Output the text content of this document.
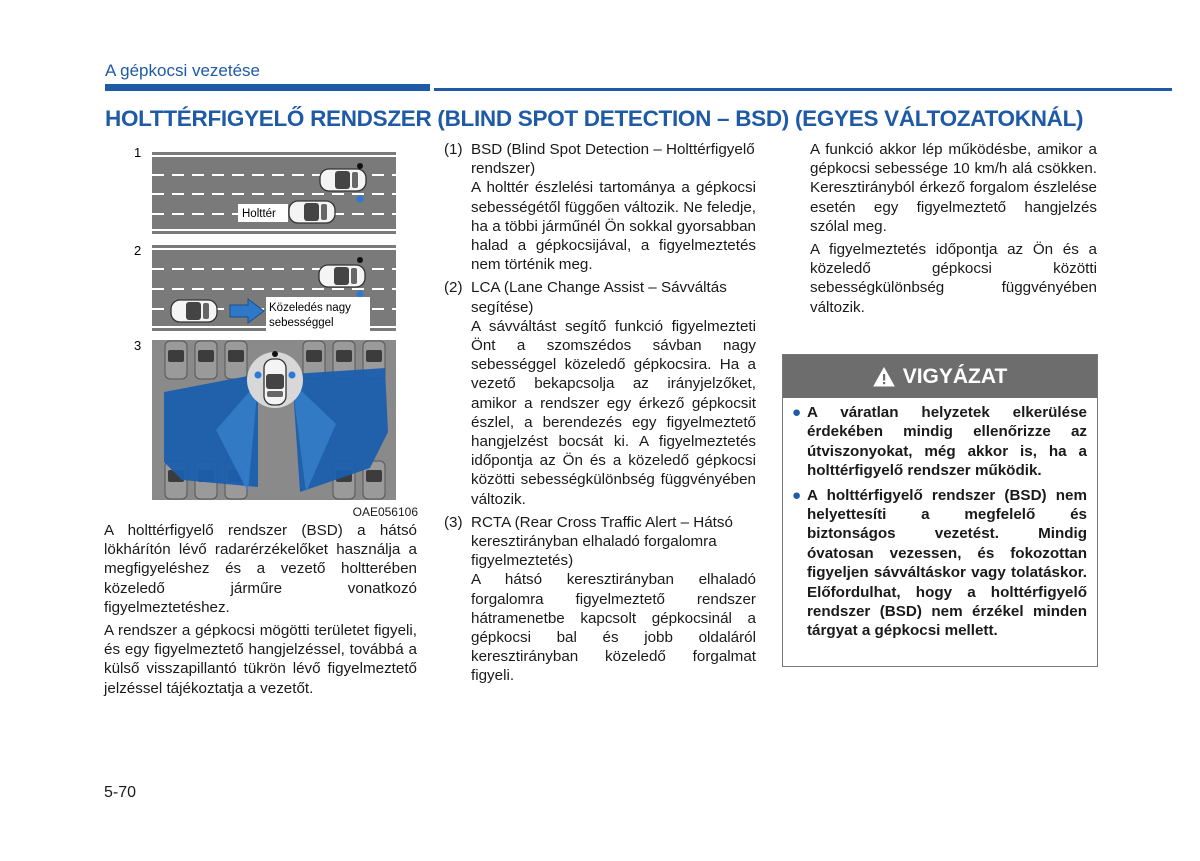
A gépkocsi vezetése
HOLTTÉRFIGYELŐ RENDSZER (BLIND SPOT DETECTION – BSD) (EGYES VÁLTOZATOKNÁL)
1
Holttér
2
Közeledés nagy
sebességgel
3
OAE056106

A holttérfigyelő rendszer (BSD) a hátsó lökhárítón lévő radarérzékelőket használja a megfigyeléshez és a vezető holtterében közeledő járműre vonatkozó figyelmeztetéshez.

A rendszer a gépkocsi mögötti területet figyeli, és egy figyelmeztető hangjelzéssel, továbbá a külső visszapillantó tükrön lévő figyelmeztető jelzéssel tájékoztatja a vezetőt.

(1) BSD (Blind Spot Detection – Holttérfigyelő rendszer)
A holttér észlelési tartománya a gépkocsi sebességétől függően változik. Ne feledje, ha a többi járműnél Ön sokkal gyorsabban halad a gépkocsijával, a figyelmeztetés nem történik meg.
(2) LCA (Lane Change Assist – Sávváltás segítése)
A sávváltást segítő funkció figyelmezteti Önt a szomszédos sávban nagy sebességgel közeledő gépkocsira. Ha a vezető bekapcsolja az irányjelzőket, amikor a rendszer egy érkező gépkocsit észlel, a berendezés egy figyelmeztető hangjelzést bocsát ki. A figyelmeztetés időpontja az Ön és a közeledő gépkocsi közötti sebességkülönbség függvényében változik.
(3) RCTA (Rear Cross Traffic Alert – Hátsó keresztirányban elhaladó forgalomra figyelmeztetés)
A hátsó keresztirányban elhaladó forgalomra figyelmeztető rendszer hátramenetbe kapcsolt gépkocsinál a gépkocsi bal és jobb oldaláról keresztirányban közeledő forgalmat figyeli.

A funkció akkor lép működésbe, amikor a gépkocsi sebessége 10 km/h alá csökken. Keresztirányból érkező forgalom észlelése esetén egy figyelmeztető hangjelzés szólal meg.

A figyelmeztetés időpontja az Ön és a közeledő gépkocsi közötti sebességkülönbség függvényében változik.

VIGYÁZAT
● A váratlan helyzetek elkerülése érdekében mindig ellenőrizze az útviszonyokat, még akkor is, ha a holttérfigyelő rendszer működik.
● A holttérfigyelő rendszer (BSD) nem helyettesíti a megfelelő és biztonságos vezetést. Mindig óvatosan vezessen, és fokozottan figyeljen sávváltáskor vagy tolatáskor. Előfordulhat, hogy a holttérfigyelő rendszer (BSD) nem érzékel minden tárgyat a gépkocsi mellett.
5-70
